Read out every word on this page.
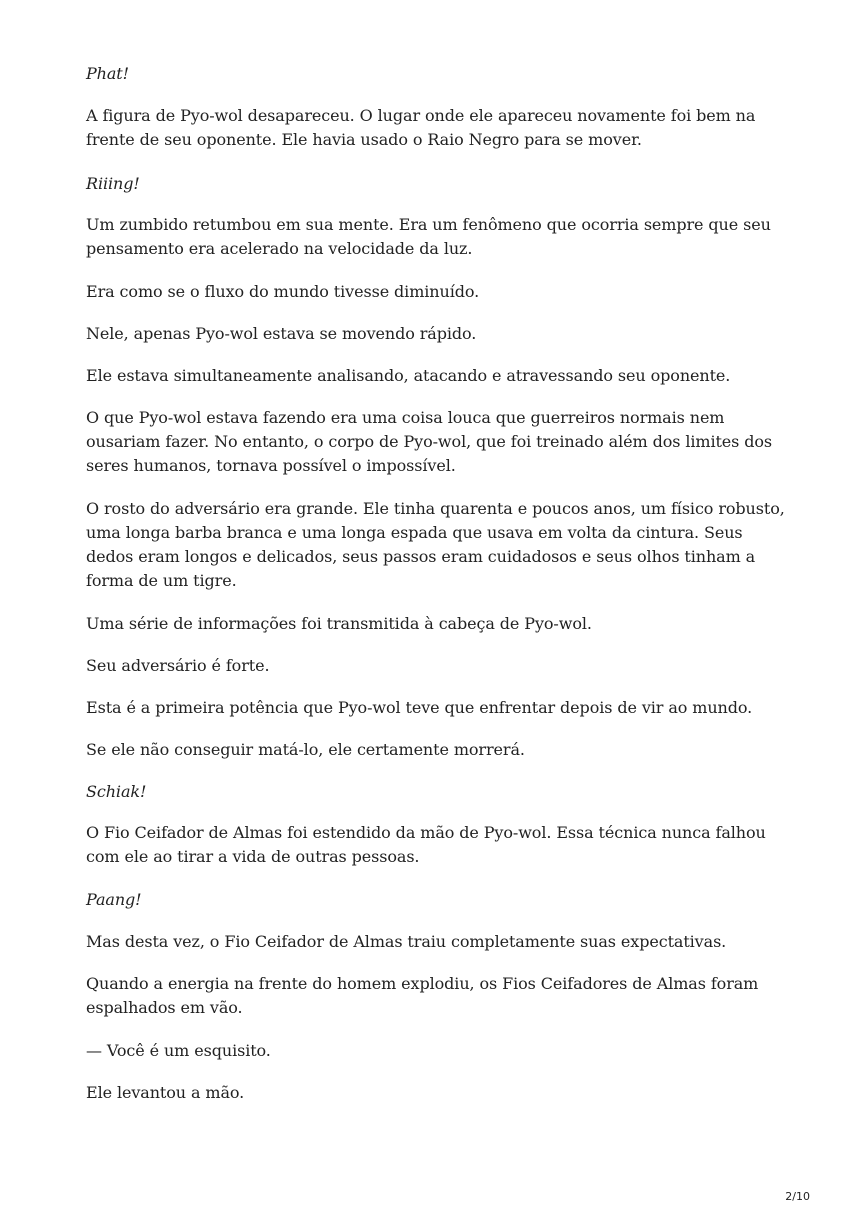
Phat!

A figura de Pyo-wol desapareceu. O lugar onde ele apareceu novamente foi bem na frente de seu oponente. Ele havia usado o Raio Negro para se mover.

Riiing!

Um zumbido retumbou em sua mente. Era um fenômeno que ocorria sempre que seu pensamento era acelerado na velocidade da luz.

Era como se o fluxo do mundo tivesse diminuído.

Nele, apenas Pyo-wol estava se movendo rápido.

Ele estava simultaneamente analisando, atacando e atravessando seu oponente.

O que Pyo-wol estava fazendo era uma coisa louca que guerreiros normais nem ousariam fazer. No entanto, o corpo de Pyo-wol, que foi treinado além dos limites dos seres humanos, tornava possível o impossível.

O rosto do adversário era grande. Ele tinha quarenta e poucos anos, um físico robusto, uma longa barba branca e uma longa espada que usava em volta da cintura. Seus dedos eram longos e delicados, seus passos eram cuidadosos e seus olhos tinham a forma de um tigre.

Uma série de informações foi transmitida à cabeça de Pyo-wol.

Seu adversário é forte.

Esta é a primeira potência que Pyo-wol teve que enfrentar depois de vir ao mundo.

Se ele não conseguir matá-lo, ele certamente morrerá.

Schiak!

O Fio Ceifador de Almas foi estendido da mão de Pyo-wol. Essa técnica nunca falhou com ele ao tirar a vida de outras pessoas.

Paang!

Mas desta vez, o Fio Ceifador de Almas traiu completamente suas expectativas.

Quando a energia na frente do homem explodiu, os Fios Ceifadores de Almas foram espalhados em vão.

— Você é um esquisito.

Ele levantou a mão.

2/10
